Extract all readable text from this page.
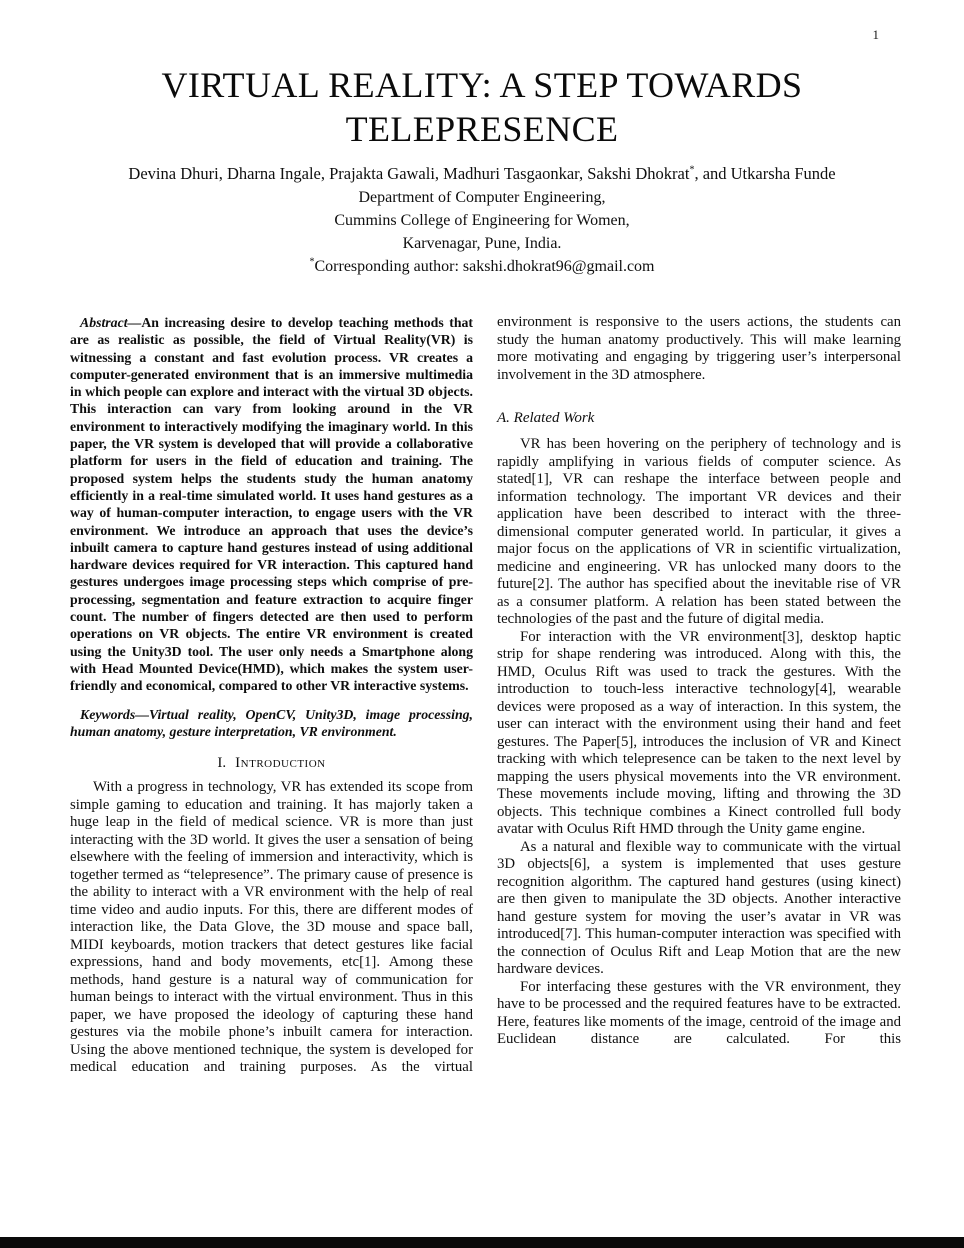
1
VIRTUAL REALITY: A STEP TOWARDS
TELEPRESENCE
Devina Dhuri, Dharna Ingale, Prajakta Gawali, Madhuri Tasgaonkar, Sakshi Dhokrat*, and Utkarsha Funde
Department of Computer Engineering,
Cummins College of Engineering for Women,
Karvenagar, Pune, India.
*Corresponding author: sakshi.dhokrat96@gmail.com

Abstract—An increasing desire to develop teaching methods that are as realistic as possible, the field of Virtual Reality(VR) is witnessing a constant and fast evolution process. VR creates a computer-generated environment that is an immersive multimedia in which people can explore and interact with the virtual 3D objects. This interaction can vary from looking around in the VR environment to interactively modifying the imaginary world. In this paper, the VR system is developed that will provide a collaborative platform for users in the field of education and training. The proposed system helps the students study the human anatomy efficiently in a real-time simulated world. It uses hand gestures as a way of human-computer interaction, to engage users with the VR environment. We introduce an approach that uses the device’s inbuilt camera to capture hand gestures instead of using additional hardware devices required for VR interaction. This captured hand gestures undergoes image processing steps which comprise of pre-processing, segmentation and feature extraction to acquire finger count. The number of fingers detected are then used to perform operations on VR objects. The entire VR environment is created using the Unity3D tool. The user only needs a Smartphone along with Head Mounted Device(HMD), which makes the system user-friendly and economical, compared to other VR interactive systems.

Keywords—Virtual reality, OpenCV, Unity3D, image processing, human anatomy, gesture interpretation, VR environment.

I. Introduction

With a progress in technology, VR has extended its scope from simple gaming to education and training. It has majorly taken a huge leap in the field of medical science. VR is more than just interacting with the 3D world. It gives the user a sensation of being elsewhere with the feeling of immersion and interactivity, which is together termed as “telepresence”. The primary cause of presence is the ability to interact with a VR environment with the help of real time video and audio inputs. For this, there are different modes of interaction like, the Data Glove, the 3D mouse and space ball, MIDI keyboards, motion trackers that detect gestures like facial expressions, hand and body movements, etc[1]. Among these methods, hand gesture is a natural way of communication for human beings to interact with the virtual environment. Thus in this paper, we have proposed the ideology of capturing these hand gestures via the mobile phone’s inbuilt camera for interaction. Using the above mentioned technique, the system is developed for medical education and training purposes. As the virtual

environment is responsive to the users actions, the students can study the human anatomy productively. This will make learning more motivating and engaging by triggering user’s interpersonal involvement in the 3D atmosphere.

A. Related Work

VR has been hovering on the periphery of technology and is rapidly amplifying in various fields of computer science. As stated[1], VR can reshape the interface between people and information technology. The important VR devices and their application have been described to interact with the three-dimensional computer generated world. In particular, it gives a major focus on the applications of VR in scientific virtualization, medicine and engineering. VR has unlocked many doors to the future[2]. The author has specified about the inevitable rise of VR as a consumer platform. A relation has been stated between the technologies of the past and the future of digital media.

For interaction with the VR environment[3], desktop haptic strip for shape rendering was introduced. Along with this, the HMD, Oculus Rift was used to track the gestures. With the introduction to touch-less interactive technology[4], wearable devices were proposed as a way of interaction. In this system, the user can interact with the environment using their hand and feet gestures. The Paper[5], introduces the inclusion of VR and Kinect tracking with which telepresence can be taken to the next level by mapping the users physical movements into the VR environment. These movements include moving, lifting and throwing the 3D objects. This technique combines a Kinect controlled full body avatar with Oculus Rift HMD through the Unity game engine.

As a natural and flexible way to communicate with the virtual 3D objects[6], a system is implemented that uses gesture recognition algorithm. The captured hand gestures (using kinect) are then given to manipulate the 3D objects. Another interactive hand gesture system for moving the user’s avatar in VR was introduced[7]. This human-computer interaction was specified with the connection of Oculus Rift and Leap Motion that are the new hardware devices.

For interfacing these gestures with the VR environment, they have to be processed and the required features have to be extracted. Here, features like moments of the image, centroid of the image and Euclidean distance are calculated. For this
